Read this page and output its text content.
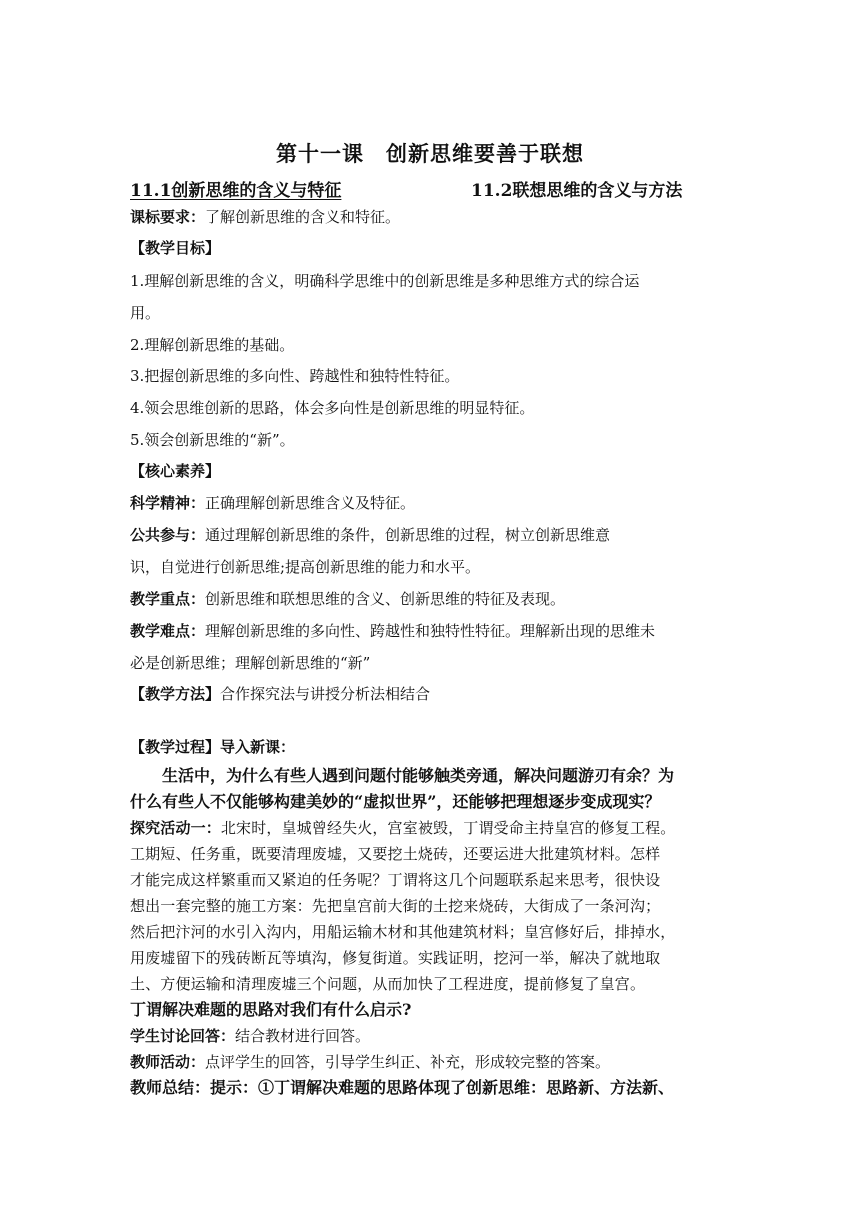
第十一课　创新思维要善于联想
11.1创新思维的含义与特征	11.2联想思维的含义与方法
课标要求：了解创新思维的含义和特征。
【教学目标】
1.理解创新思维的含义，明确科学思维中的创新思维是多种思维方式的综合运
用。
2.理解创新思维的基础。
3.把握创新思维的多向性、跨越性和独特性特征。
4.领会思维创新的思路，体会多向性是创新思维的明显特征。
5.领会创新思维的“新”。
【核心素养】
科学精神：正确理解创新思维含义及特征。
公共参与：通过理解创新思维的条件，创新思维的过程，树立创新思维意
识，自觉进行创新思维;提高创新思维的能力和水平。
教学重点：创新思维和联想思维的含义、创新思维的特征及表现。
教学难点：理解创新思维的多向性、跨越性和独特性特征。理解新出现的思维未
必是创新思维；理解创新思维的“新”
【教学方法】合作探究法与讲授分析法相结合
【教学过程】导入新课：
生活中，为什么有些人遇到问题付能够触类旁通，解决问题游刃有余？为
什么有些人不仅能够构建美妙的“虚拟世界”，还能够把理想逐步变成现实？
探究活动一：北宋时，皇城曾经失火，宫室被毁，丁谓受命主持皇宫的修复工程。
工期短、任务重，既要清理废墟，又要挖土烧砖，还要运进大批建筑材料。怎样
才能完成这样繁重而又紧迫的任务呢？丁谓将这几个问题联系起来思考，很快设
想出一套完整的施工方案：先把皇宫前大街的土挖来烧砖，大街成了一条河沟；
然后把汴河的水引入沟内，用船运输木材和其他建筑材料；皇宫修好后，排掉水，
用废墟留下的残砖断瓦等填沟，修复街道。实践证明，挖河一举，解决了就地取
土、方便运输和清理废墟三个问题，从而加快了工程进度，提前修复了皇宫。
丁谓解决难题的思路对我们有什么启示?
学生讨论回答：结合教材进行回答。
教师活动：点评学生的回答，引导学生纠正、补充，形成较完整的答案。
教师总结：提示：①丁谓解决难题的思路体现了创新思维：思路新、方法新、
